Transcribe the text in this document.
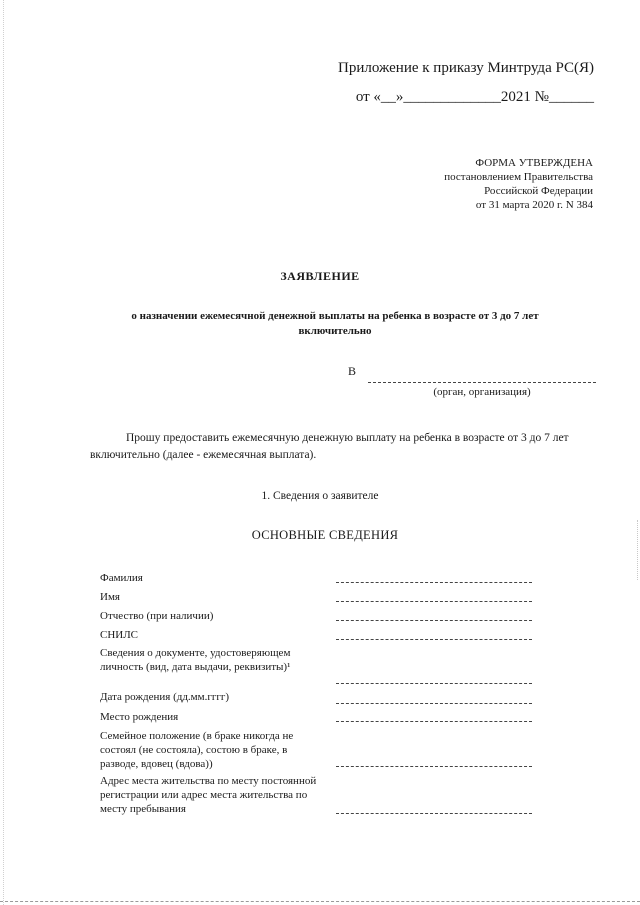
Приложение к приказу Минтруда РС(Я)
от «__»_____________2021 №______
ФОРМА УТВЕРЖДЕНА
постановлением Правительства
Российской Федерации
от 31 марта 2020 г. N 384
ЗАЯВЛЕНИЕ
о назначении ежемесячной денежной выплаты на ребенка в возрасте от 3 до 7 лет включительно
В
(орган, организация)
Прошу предоставить ежемесячную денежную выплату на ребенка в возрасте от 3 до 7 лет включительно (далее - ежемесячная выплата).
1. Сведения о заявителе
ОСНОВНЫЕ СВЕДЕНИЯ
Фамилия
Имя
Отчество (при наличии)
СНИЛС
Сведения о документе, удостоверяющем личность (вид, дата выдачи, реквизиты)¹
Дата рождения (дд.мм.гггг)
Место рождения
Семейное положение (в браке никогда не состоял (не состояла), состою в браке, в разводе, вдовец (вдова))
Адрес места жительства по месту постоянной регистрации или адрес места жительства по месту пребывания
